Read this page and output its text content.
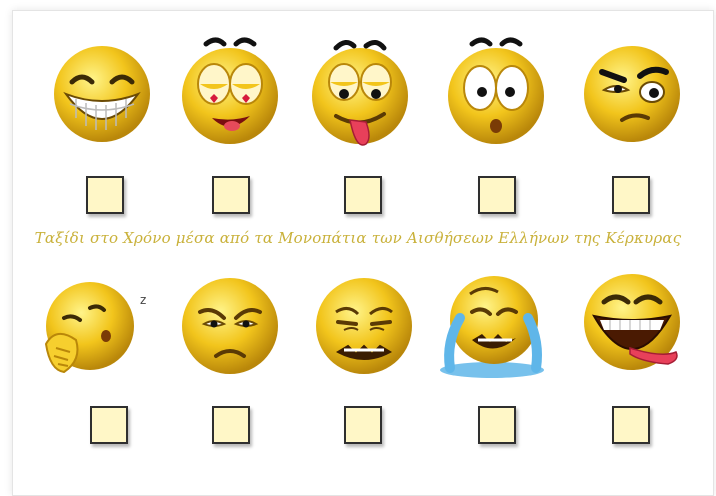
Ταξίδι στο Χρόνο μέσα από τα Μονοπάτια των Αισθήσεων Ελλήνων της Κέρκυρας
z
